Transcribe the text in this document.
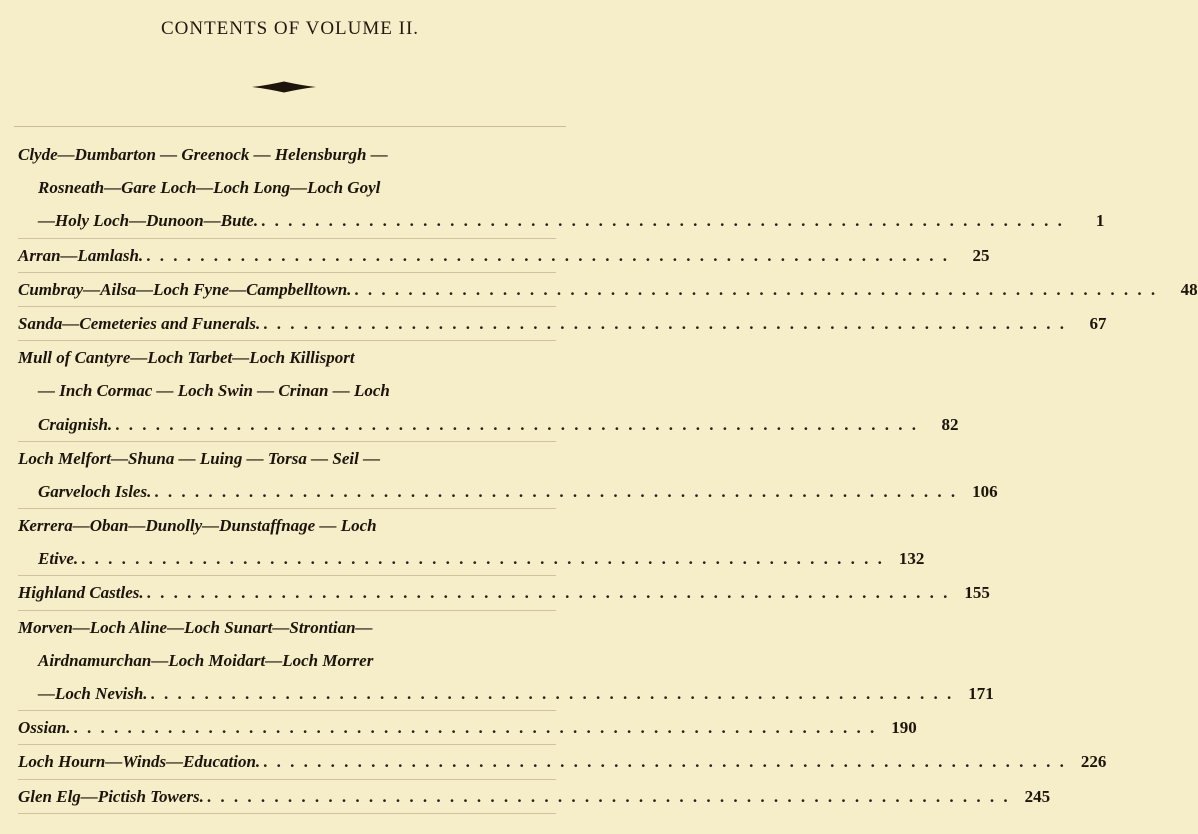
CONTENTS OF VOLUME II.
Clyde—Dumbarton — Greenock — Helensburgh —
Rosneath—Gare Loch—Loch Long—Loch Goyl
—Holy Loch—Dunoon—Bute. . . . . . . . . . . . . . . . . . . . . . . . . . . . . . . . . . . . . . . . . . . . . . . . . . . . . . . . . . . . .	1
Arran—Lamlash. . . . . . . . . . . . . . . . . . . . . . . . . . . . . . . . . . . . . . . . . . . . . . . . . . . . . . . . . . . . .	25
Cumbray—Ailsa—Loch Fyne—Campbelltown. . . . . . . . . . . . . . . . . . . . . . . . . . . . . . . . . . . . . . . . . . . . . . . . . . . . . . . . . . . . .	48
Sanda—Cemeteries and Funerals. . . . . . . . . . . . . . . . . . . . . . . . . . . . . . . . . . . . . . . . . . . . . . . . . . . . . . . . . . . . .	67
Mull of Cantyre—Loch Tarbet—Loch Killisport
— Inch Cormac — Loch Swin — Crinan — Loch
Craignish. . . . . . . . . . . . . . . . . . . . . . . . . . . . . . . . . . . . . . . . . . . . . . . . . . . . . . . . . . . . .	82
Loch Melfort—Shuna — Luing — Torsa — Seil —
Garveloch Isles. . . . . . . . . . . . . . . . . . . . . . . . . . . . . . . . . . . . . . . . . . . . . . . . . . . . . . . . . . . . . 106
Kerrera—Oban—Dunolly—Dunstaffnage — Loch
Etive. . . . . . . . . . . . . . . . . . . . . . . . . . . . . . . . . . . . . . . . . . . . . . . . . . . . . . . . . . . . . 132
Highland Castles. . . . . . . . . . . . . . . . . . . . . . . . . . . . . . . . . . . . . . . . . . . . . . . . . . . . . . . . . . . . . 155
Morven—Loch Aline—Loch Sunart—Strontian—
Airdnamurchan—Loch Moidart—Loch Morrer
—Loch Nevish. . . . . . . . . . . . . . . . . . . . . . . . . . . . . . . . . . . . . . . . . . . . . . . . . . . . . . . . . . . . . 171
Ossian. . . . . . . . . . . . . . . . . . . . . . . . . . . . . . . . . . . . . . . . . . . . . . . . . . . . . . . . . . . . . 190
Loch Hourn—Winds—Education. . . . . . . . . . . . . . . . . . . . . . . . . . . . . . . . . . . . . . . . . . . . . . . . . . . . . . . . . . . . . 226
Glen Elg—Pictish Towers. . . . . . . . . . . . . . . . . . . . . . . . . . . . . . . . . . . . . . . . . . . . . . . . . . . . . . . . . . . . . 245
